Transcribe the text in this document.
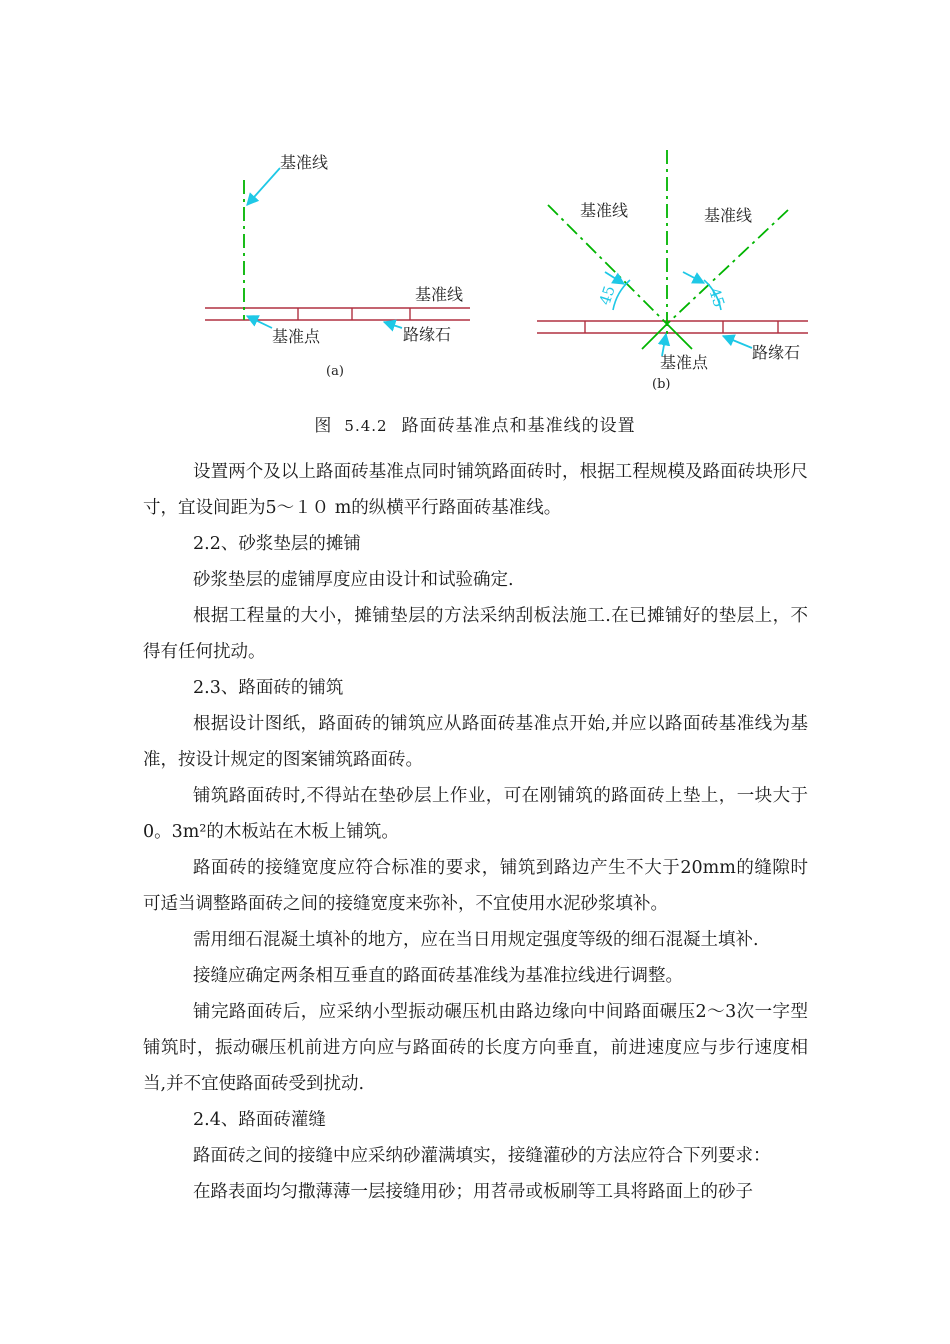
基准线
基准线
基准点	路缘石
(a)
基准线	基准线
45	45
基准点
路缘石
(b)
图 5.4.2 路面砖基准点和基准线的设置

设置两个及以上路面砖基准点同时铺筑路面砖时，根据工程规模及路面砖块形尺寸，宜设间距为5～１０ m的纵横平行路面砖基准线。

2.2、砂浆垫层的摊铺

砂浆垫层的虚铺厚度应由设计和试验确定.

根据工程量的大小，摊铺垫层的方法采纳刮板法施工.在已摊铺好的垫层上，不得有任何扰动。

2.3、路面砖的铺筑

根据设计图纸，路面砖的铺筑应从路面砖基准点开始,并应以路面砖基准线为基准，按设计规定的图案铺筑路面砖。

铺筑路面砖时,不得站在垫砂层上作业，可在刚铺筑的路面砖上垫上，一块大于0。3m²的木板站在木板上铺筑。

路面砖的接缝宽度应符合标准的要求，铺筑到路边产生不大于20mm的缝隙时可适当调整路面砖之间的接缝宽度来弥补，不宜使用水泥砂浆填补。

需用细石混凝土填补的地方，应在当日用规定强度等级的细石混凝土填补.

接缝应确定两条相互垂直的路面砖基准线为基准拉线进行调整。

铺完路面砖后，应采纳小型振动碾压机由路边缘向中间路面碾压2～3次一字型铺筑时，振动碾压机前进方向应与路面砖的长度方向垂直，前进速度应与步行速度相当,并不宜使路面砖受到扰动.

2.4、路面砖灌缝

路面砖之间的接缝中应采纳砂灌满填实，接缝灌砂的方法应符合下列要求：

在路表面均匀撒薄薄一层接缝用砂；用苕帚或板刷等工具将路面上的砂子
